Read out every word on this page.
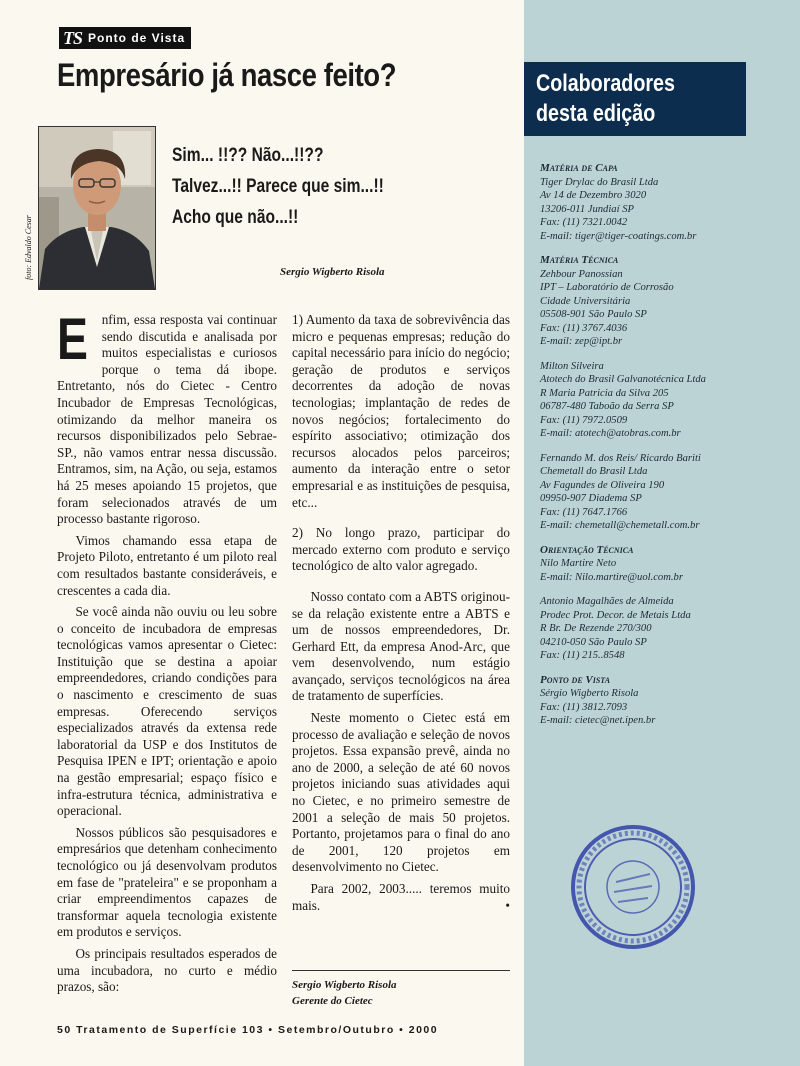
TS Ponto de Vista
Empresário já nasce feito?
foto: Edvaldo Cesar
Sim... !!?? Não...!!??
Talvez...!! Parece que sim...!!
Acho que não...!!
Sergio Wigberto Risola

E nfim, essa resposta vai continuar sendo discutida e analisada por muitos especialistas e curiosos porque o tema dá ibope. Entretanto, nós do Cietec - Centro Incubador de Empresas Tecnológicas, otimizando da melhor maneira os recursos disponibilizados pelo Sebrae-SP., não vamos entrar nessa discussão. Entramos, sim, na Ação, ou seja, estamos há 25 meses apoiando 15 projetos, que foram selecionados através de um processo bastante rigoroso.

Vimos chamando essa etapa de Projeto Piloto, entretanto é um piloto real com resultados bastante consideráveis, e crescentes a cada dia.

Se você ainda não ouviu ou leu sobre o conceito de incubadora de empresas tecnológicas vamos apresentar o Cietec: Instituição que se destina a apoiar empreendedores, criando condições para o nascimento e crescimento de suas empresas. Oferecendo serviços especializados através da extensa rede laboratorial da USP e dos Institutos de Pesquisa IPEN e IPT; orientação e apoio na gestão empresarial; espaço físico e infra-estrutura técnica, administrativa e operacional.

Nossos públicos são pesquisadores e empresários que detenham conhecimento tecnológico ou já desenvolvam produtos em fase de "prateleira" e se proponham a criar empreendimentos capazes de transformar aquela tecnologia existente em produtos e serviços.

Os principais resultados esperados de uma incubadora, no curto e médio prazos, são:

1) Aumento da taxa de sobrevivência das micro e pequenas empresas; redução do capital necessário para início do negócio; geração de produtos e serviços decorrentes da adoção de novas tecnologias; implantação de redes de novos negócios; fortalecimento do espírito associativo; otimização dos recursos alocados pelos parceiros; aumento da interação entre o setor empresarial e as instituições de pesquisa, etc...

2) No longo prazo, participar do mercado externo com produto e serviço tecnológico de alto valor agregado.

Nosso contato com a ABTS originou-se da relação existente entre a ABTS e um de nossos empreendedores, Dr. Gerhard Ett, da empresa Anod-Arc, que vem desenvolvendo, num estágio avançado, serviços tecnológicos na área de tratamento de superfícies.

Neste momento o Cietec está em processo de avaliação e seleção de novos projetos. Essa expansão prevê, ainda no ano de 2000, a seleção de até 60 novos projetos iniciando suas atividades aqui no Cietec, e no primeiro semestre de 2001 a seleção de mais 50 projetos. Portanto, projetamos para o final do ano de 2001, 120 projetos em desenvolvimento no Cietec.

Para 2002, 2003..... teremos muito mais.	•

Sergio Wigberto Risola
Gerente do Cietec
50 Tratamento de Superfície 103 • Setembro/Outubro • 2000
Colaboradores
desta edição
Matéria de Capa
Tiger Drylac do Brasil Ltda
Av 14 de Dezembro 3020
13206-011 Jundiaí SP
Fax: (11) 7321.0042
E-mail: tiger@tiger-coatings.com.br
Matéria Técnica
Zehbour Panossian
IPT – Laboratório de Corrosão
Cidade Universitária
05508-901 São Paulo SP
Fax: (11) 3767.4036
E-mail: zep@ipt.br
Milton Silveira
Atotech do Brasil Galvanotécnica Ltda
R Maria Patricia da Silva 205
06787-480 Taboão da Serra SP
Fax: (11) 7972.0509
E-mail: atotech@atobras.com.br
Fernando M. dos Reis/ Ricardo Bariti
Chemetall do Brasil Ltda
Av Fagundes de Oliveira 190
09950-907 Diadema SP
Fax: (11) 7647.1766
E-mail: chemetall@chemetall.com.br
Orientação Técnica
Nilo Martire Neto
E-mail: Nilo.martire@uol.com.br
Antonio Magalhães de Almeida
Prodec Prot. Decor. de Metais Ltda
R Br. De Rezende 270/300
04210-050 São Paulo SP
Fax: (11) 215..8548
Ponto de Vista
Sérgio Wigberto Risola
Fax: (11) 3812.7093
E-mail: cietec@net.ipen.br
